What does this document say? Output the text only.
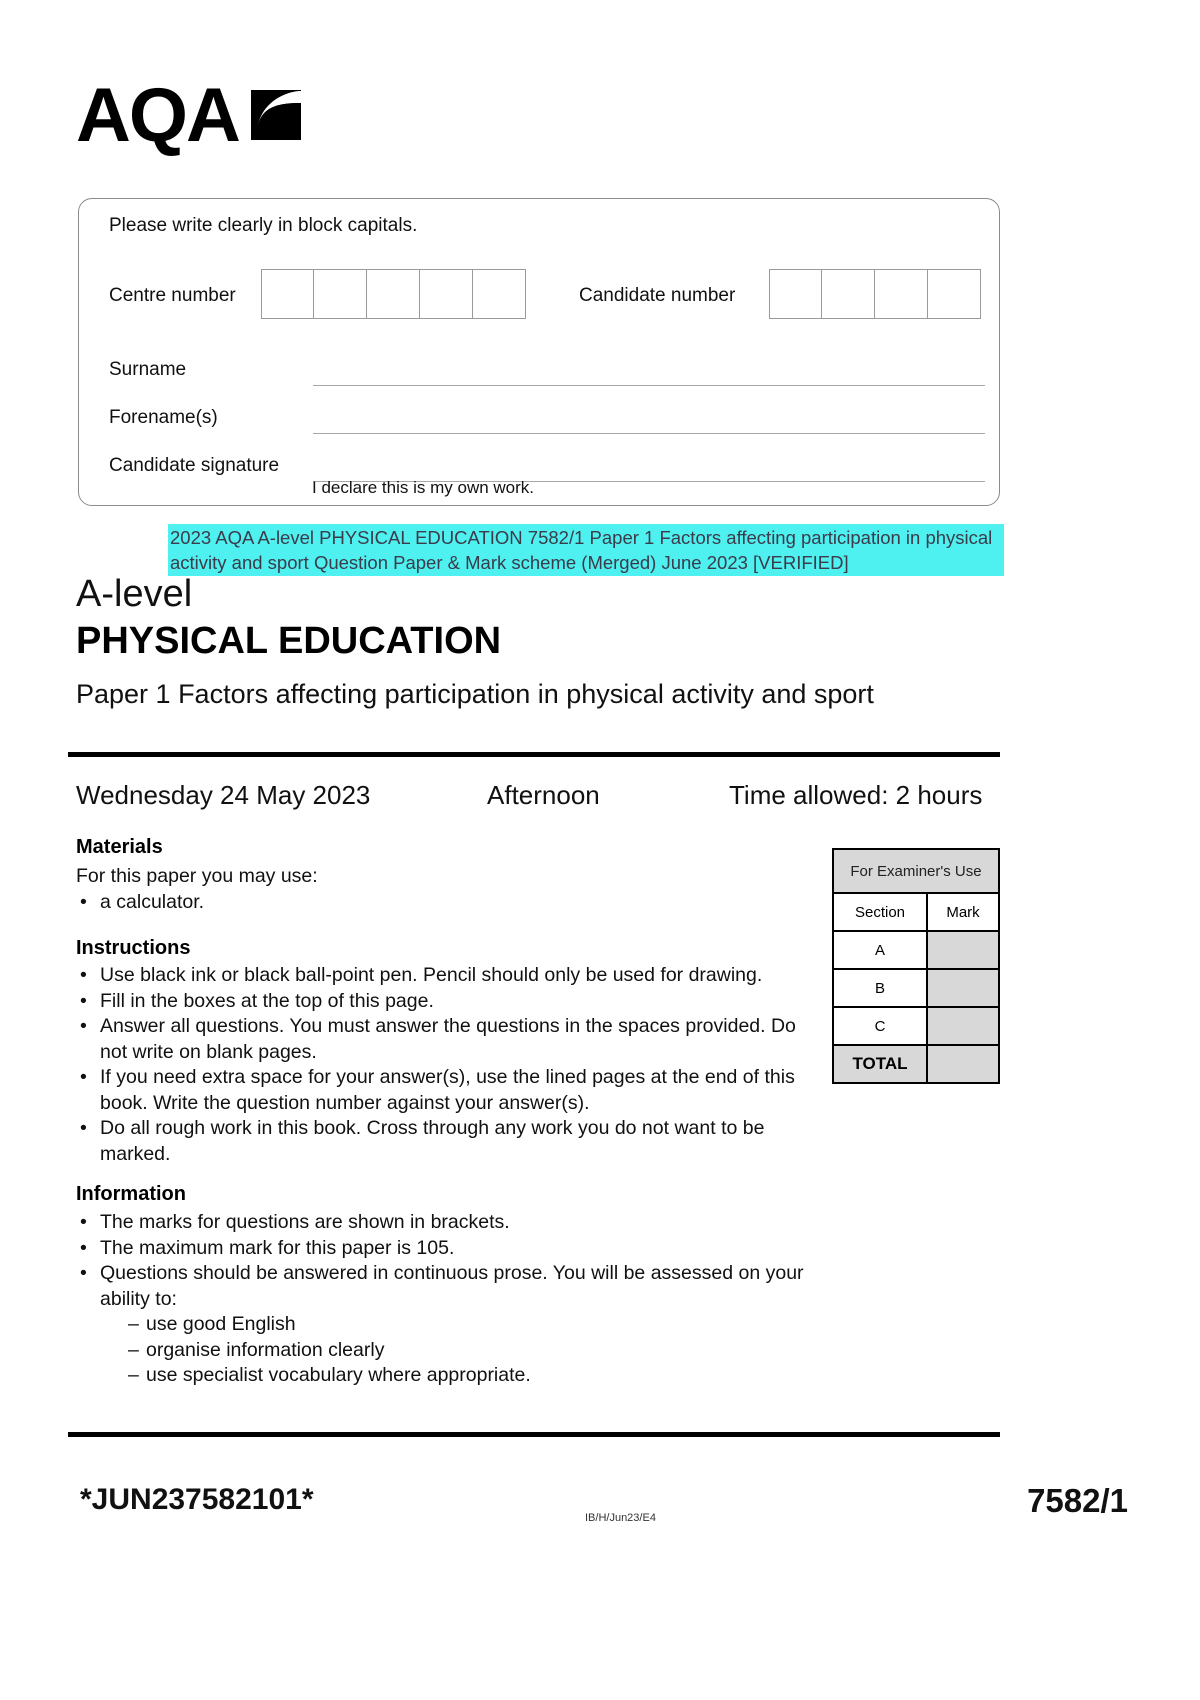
AQA
Please write clearly in block capitals.
Centre number	Candidate number
Surname
Forename(s)
Candidate signature
I declare this is my own work.
2023 AQA A-level PHYSICAL EDUCATION 7582/1 Paper 1 Factors affecting participation in physical activity and sport Question Paper & Mark scheme (Merged) June 2023 [VERIFIED]
A-level
PHYSICAL EDUCATION
Paper 1 Factors affecting participation in physical activity and sport
Wednesday 24 May 2023	Afternoon	Time allowed: 2 hours
Materials
For this paper you may use:
• a calculator.
Instructions
• Use black ink or black ball-point pen. Pencil should only be used for drawing.
• Fill in the boxes at the top of this page.
• Answer all questions. You must answer the questions in the spaces provided. Do not write on blank pages.
• If you need extra space for your answer(s), use the lined pages at the end of this book. Write the question number against your answer(s).
• Do all rough work in this book. Cross through any work you do not want to be marked.
Information
• The marks for questions are shown in brackets.
• The maximum mark for this paper is 105.
• Questions should be answered in continuous prose. You will be assessed on your ability to:
– use good English
– organise information clearly
– use specialist vocabulary where appropriate.
For Examiner's Use
Section	Mark
A
B
C
TOTAL
*JUN237582101*
IB/H/Jun23/E4	7582/1
